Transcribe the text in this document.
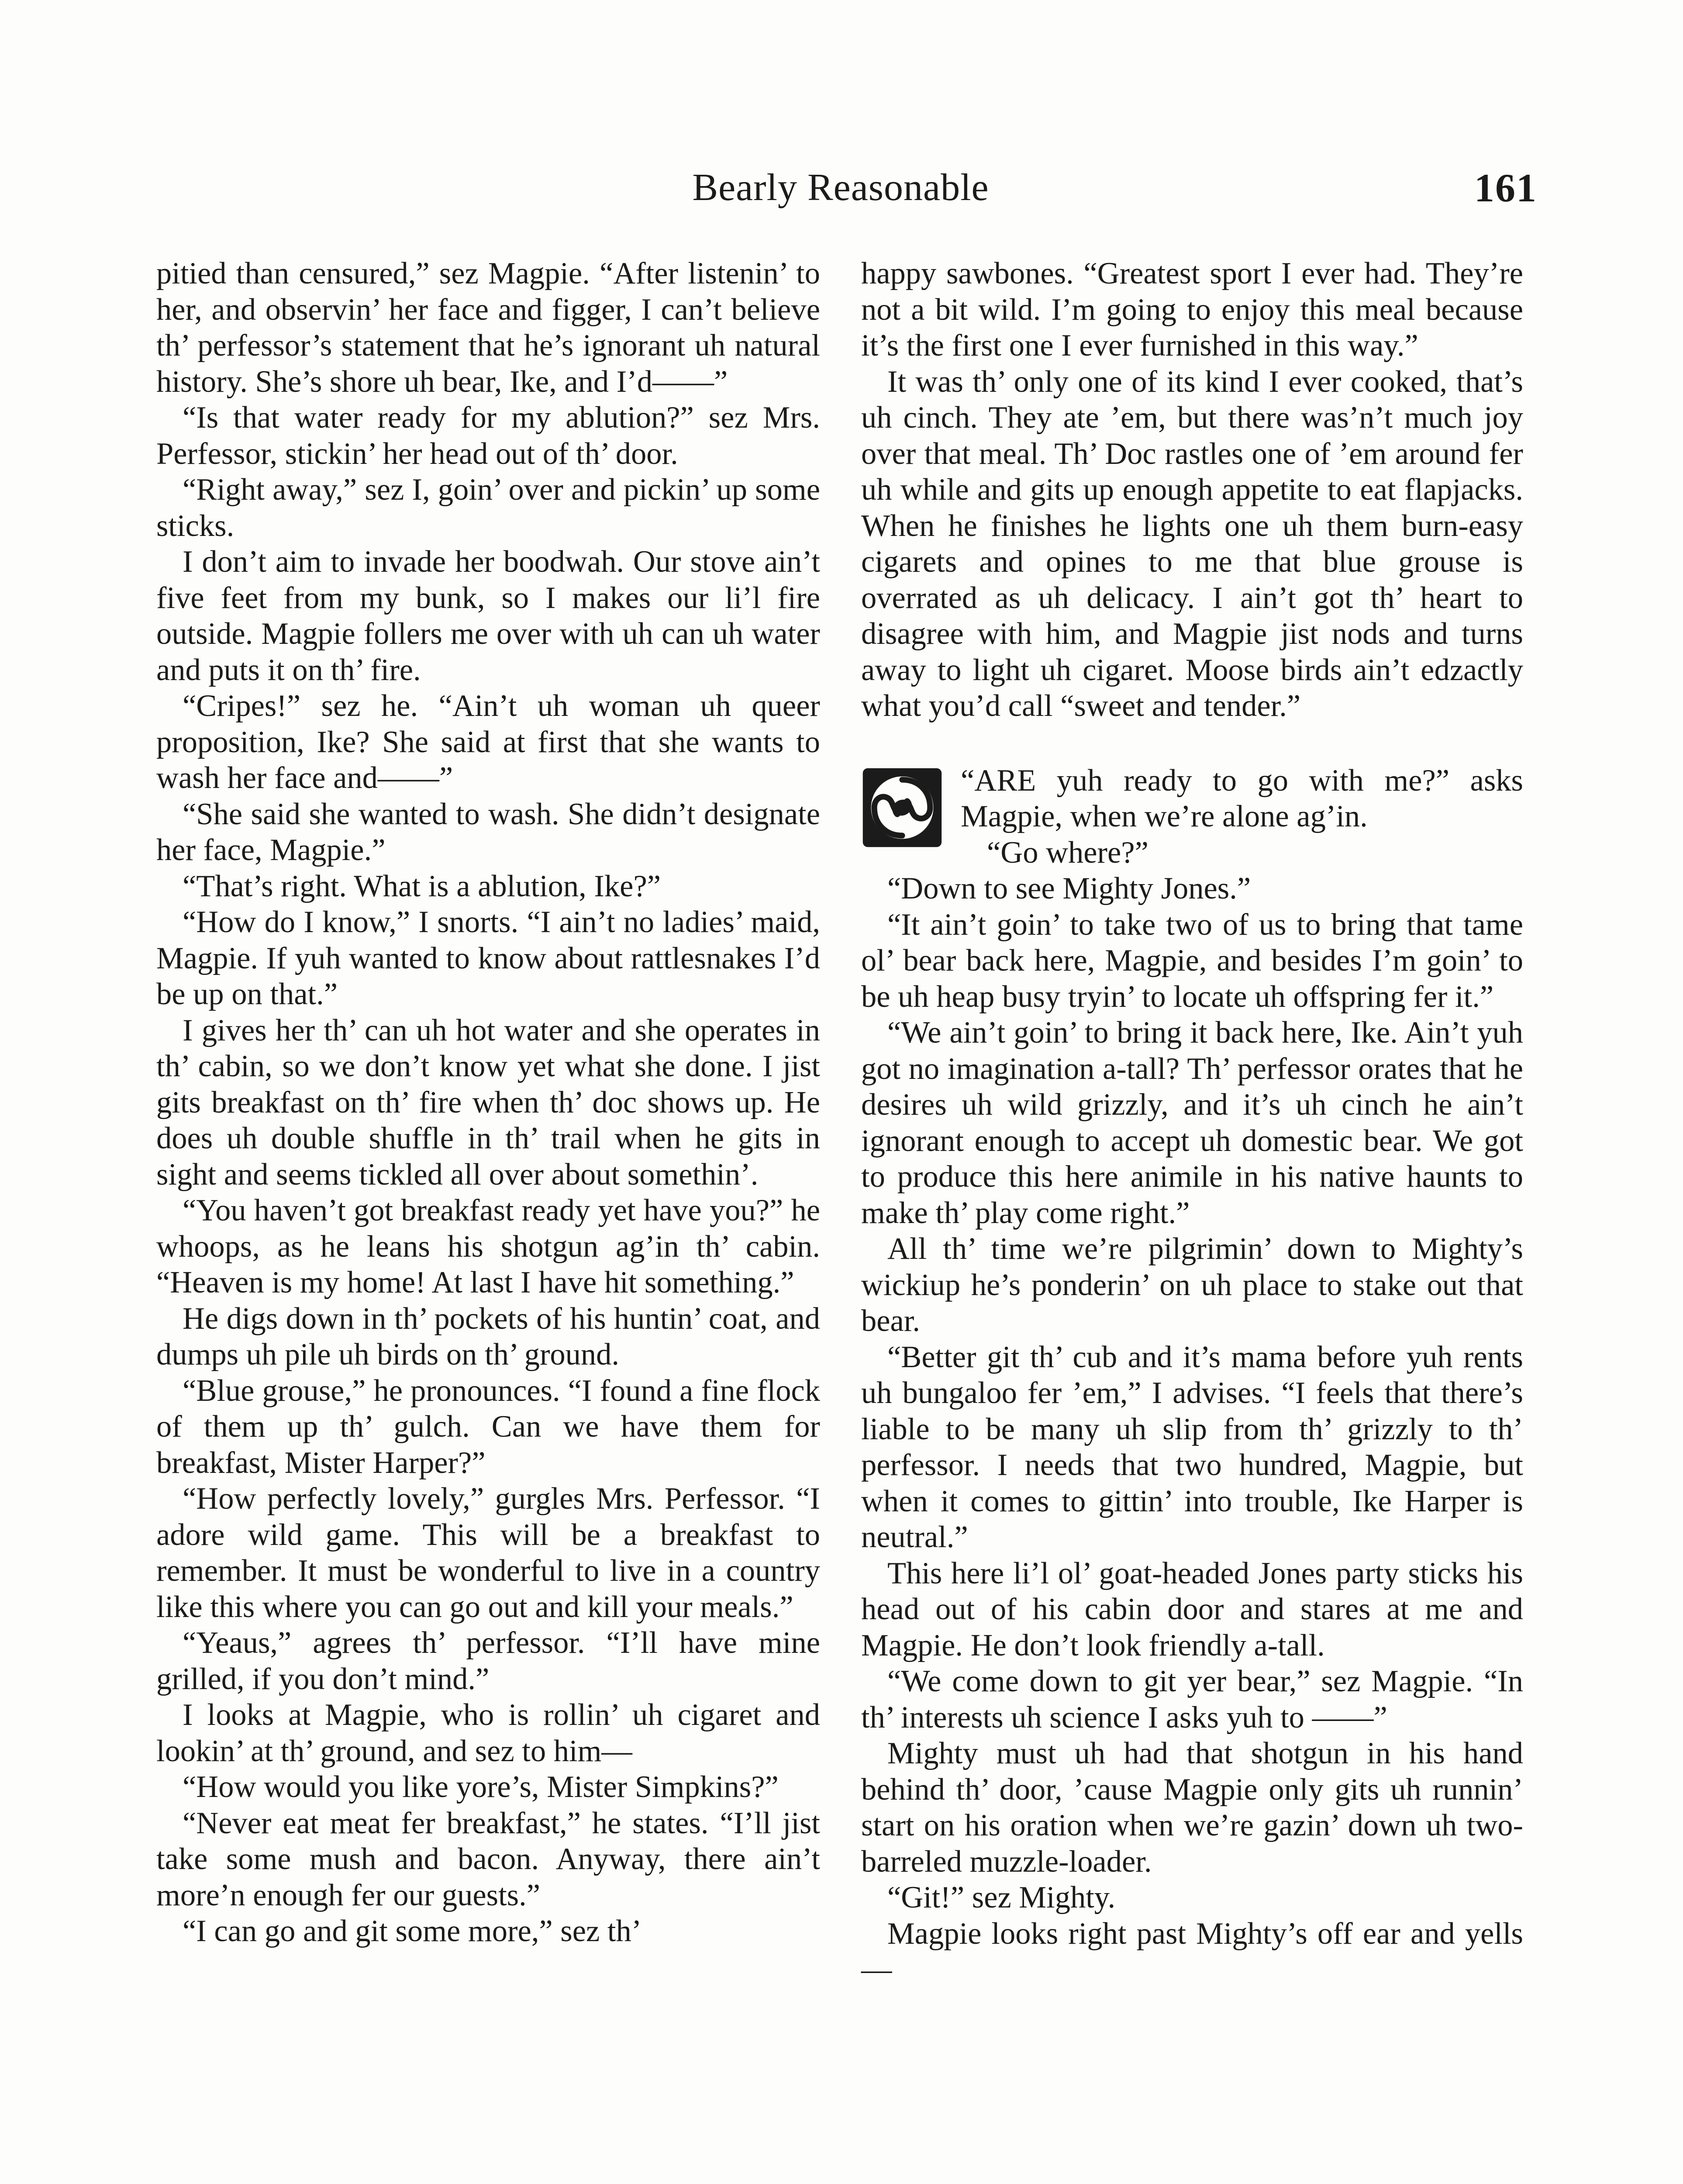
Bearly Reasonable	161

pitied than censured,” sez Magpie. “After listenin’ to her, and observin’ her face and figger, I can’t believe th’ perfessor’s statement that he’s ignorant uh natural history. She’s shore uh bear, Ike, and I’d——”

“Is that water ready for my ablution?” sez Mrs. Perfessor, stickin’ her head out of th’ door.

“Right away,” sez I, goin’ over and pickin’ up some sticks.

I don’t aim to invade her boodwah. Our stove ain’t five feet from my bunk, so I makes our li’l fire outside. Magpie follers me over with uh can uh water and puts it on th’ fire.

“Cripes!” sez he. “Ain’t uh woman uh queer proposition, Ike? She said at first that she wants to wash her face and——”

“She said she wanted to wash. She didn’t designate her face, Magpie.”

“That’s right. What is a ablution, Ike?”

“How do I know,” I snorts. “I ain’t no ladies’ maid, Magpie. If yuh wanted to know about rattlesnakes I’d be up on that.”

I gives her th’ can uh hot water and she operates in th’ cabin, so we don’t know yet what she done. I jist gits breakfast on th’ fire when th’ doc shows up. He does uh double shuffle in th’ trail when he gits in sight and seems tickled all over about somethin’.

“You haven’t got breakfast ready yet have you?” he whoops, as he leans his shotgun ag’in th’ cabin. “Heaven is my home! At last I have hit something.”

He digs down in th’ pockets of his huntin’ coat, and dumps uh pile uh birds on th’ ground.

“Blue grouse,” he pronounces. “I found a fine flock of them up th’ gulch. Can we have them for breakfast, Mister Harper?”

“How perfectly lovely,” gurgles Mrs. Perfessor. “I adore wild game. This will be a breakfast to remember. It must be wonderful to live in a country like this where you can go out and kill your meals.”

“Yeaus,” agrees th’ perfessor. “I’ll have mine grilled, if you don’t mind.”

I looks at Magpie, who is rollin’ uh cigaret and lookin’ at th’ ground, and sez to him—

“How would you like yore’s, Mister Simpkins?”

“Never eat meat fer breakfast,” he states. “I’ll jist take some mush and bacon. Anyway, there ain’t more’n enough fer our guests.”

“I can go and git some more,” sez th’

happy sawbones. “Greatest sport I ever had. They’re not a bit wild. I’m going to enjoy this meal because it’s the first one I ever furnished in this way.”

It was th’ only one of its kind I ever cooked, that’s uh cinch. They ate ’em, but there was’n’t much joy over that meal. Th’ Doc rastles one of ’em around fer uh while and gits up enough appetite to eat flapjacks. When he finishes he lights one uh them burn-easy cigarets and opines to me that blue grouse is overrated as uh delicacy. I ain’t got th’ heart to disagree with him, and Magpie jist nods and turns away to light uh cigaret. Moose birds ain’t edzactly what you’d call “sweet and tender.”

“ARE yuh ready to go with me?” asks Magpie, when we’re alone ag’in.

“Go where?”

“Down to see Mighty Jones.”

“It ain’t goin’ to take two of us to bring that tame ol’ bear back here, Magpie, and besides I’m goin’ to be uh heap busy tryin’ to locate uh offspring fer it.”

“We ain’t goin’ to bring it back here, Ike. Ain’t yuh got no imagination a-tall? Th’ perfessor orates that he desires uh wild grizzly, and it’s uh cinch he ain’t ignorant enough to accept uh domestic bear. We got to produce this here animile in his native haunts to make th’ play come right.”

All th’ time we’re pilgrimin’ down to Mighty’s wickiup he’s ponderin’ on uh place to stake out that bear.

“Better git th’ cub and it’s mama before yuh rents uh bungaloo fer ’em,” I advises. “I feels that there’s liable to be many uh slip from th’ grizzly to th’ perfessor. I needs that two hundred, Magpie, but when it comes to gittin’ into trouble, Ike Harper is neutral.”

This here li’l ol’ goat-headed Jones party sticks his head out of his cabin door and stares at me and Magpie. He don’t look friendly a-tall.

“We come down to git yer bear,” sez Magpie. “In th’ interests uh science I asks yuh to ——”

Mighty must uh had that shotgun in his hand behind th’ door, ’cause Magpie only gits uh runnin’ start on his oration when we’re gazin’ down uh two-barreled muzzle-loader.

“Git!” sez Mighty.

Magpie looks right past Mighty’s off ear and yells—
